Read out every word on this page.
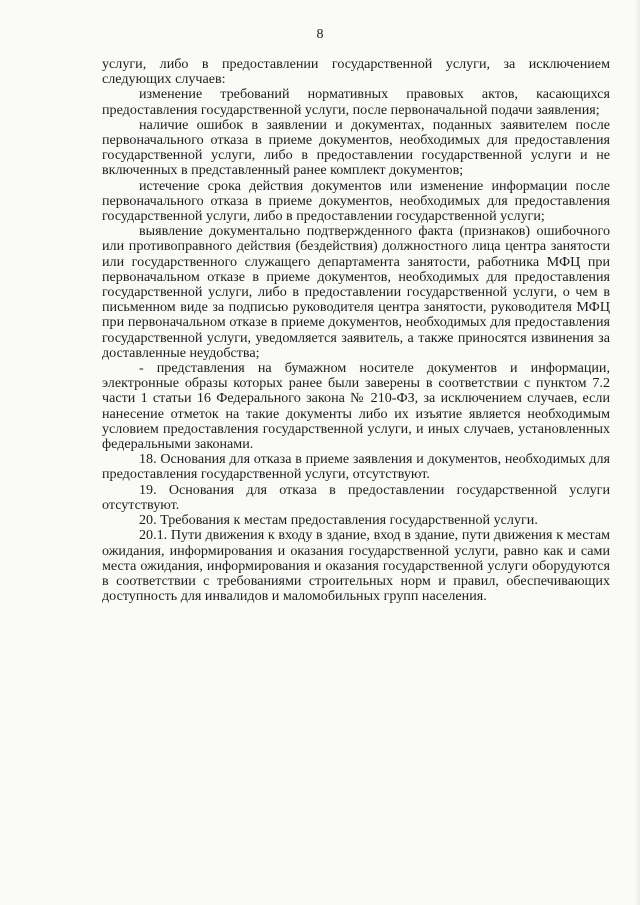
8

услуги, либо в предоставлении государственной услуги, за исключением следующих случаев:

изменение требований нормативных правовых актов, касающихся предоставления государственной услуги, после первоначальной подачи заявления;

наличие ошибок в заявлении и документах, поданных заявителем после первоначального отказа в приеме документов, необходимых для предоставления государственной услуги, либо в предоставлении государственной услуги и не включенных в представленный ранее комплект документов;

истечение срока действия документов или изменение информации после первоначального отказа в приеме документов, необходимых для предоставления государственной услуги, либо в предоставлении государственной услуги;

выявление документально подтвержденного факта (признаков) ошибочного или противоправного действия (бездействия) должностного лица центра занятости или государственного служащего департамента занятости, работника МФЦ при первоначальном отказе в приеме документов, необходимых для предоставления государственной услуги, либо в предоставлении государственной услуги, о чем в письменном виде за подписью руководителя центра занятости, руководителя МФЦ при первоначальном отказе в приеме документов, необходимых для предоставления государственной услуги, уведомляется заявитель, а также приносятся извинения за доставленные неудобства;

- представления на бумажном носителе документов и информации, электронные образы которых ранее были заверены в соответствии с пунктом 7.2 части 1 статьи 16 Федерального закона № 210-ФЗ, за исключением случаев, если нанесение отметок на такие документы либо их изъятие является необходимым условием предоставления государственной услуги, и иных случаев, установленных федеральными законами.

18. Основания для отказа в приеме заявления и документов, необходимых для предоставления государственной услуги, отсутствуют.

19. Основания для отказа в предоставлении государственной услуги отсутствуют.

20. Требования к местам предоставления государственной услуги.

20.1. Пути движения к входу в здание, вход в здание, пути движения к местам ожидания, информирования и оказания государственной услуги, равно как и сами места ожидания, информирования и оказания государственной услуги оборудуются в соответствии с требованиями строительных норм и правил, обеспечивающих доступность для инвалидов и маломобильных групп населения.
